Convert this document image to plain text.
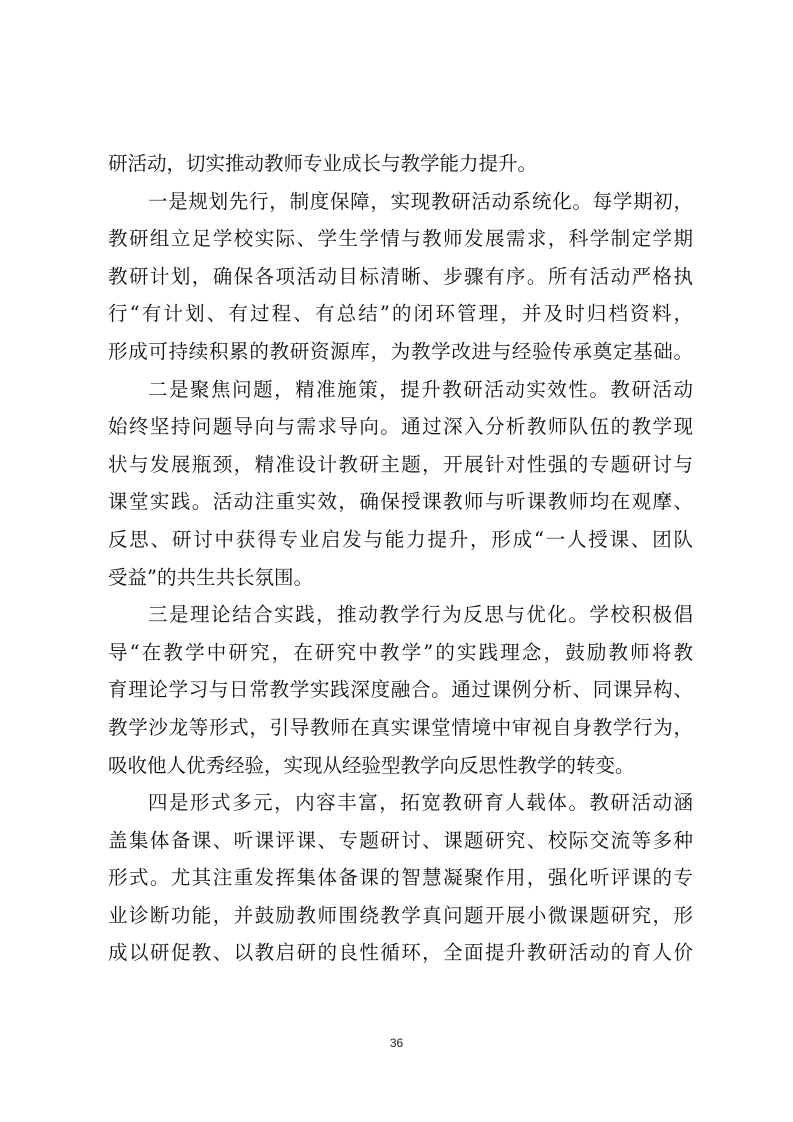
研活动，切实推动教师专业成长与教学能力提升。
一是规划先行，制度保障，实现教研活动系统化。每学期初，
教研组立足学校实际、学生学情与教师发展需求，科学制定学期
教研计划，确保各项活动目标清晰、步骤有序。所有活动严格执
行“有计划、有过程、有总结”的闭环管理，并及时归档资料，
形成可持续积累的教研资源库，为教学改进与经验传承奠定基础。
二是聚焦问题，精准施策，提升教研活动实效性。教研活动
始终坚持问题导向与需求导向。通过深入分析教师队伍的教学现
状与发展瓶颈，精准设计教研主题，开展针对性强的专题研讨与
课堂实践。活动注重实效，确保授课教师与听课教师均在观摩、
反思、研讨中获得专业启发与能力提升，形成“一人授课、团队
受益”的共生共长氛围。
三是理论结合实践，推动教学行为反思与优化。学校积极倡
导“在教学中研究，在研究中教学”的实践理念，鼓励教师将教
育理论学习与日常教学实践深度融合。通过课例分析、同课异构、
教学沙龙等形式，引导教师在真实课堂情境中审视自身教学行为，
吸收他人优秀经验，实现从经验型教学向反思性教学的转变。
四是形式多元，内容丰富，拓宽教研育人载体。教研活动涵
盖集体备课、听课评课、专题研讨、课题研究、校际交流等多种
形式。尤其注重发挥集体备课的智慧凝聚作用，强化听评课的专
业诊断功能，并鼓励教师围绕教学真问题开展小微课题研究，形
成以研促教、以教启研的良性循环，全面提升教研活动的育人价
36
